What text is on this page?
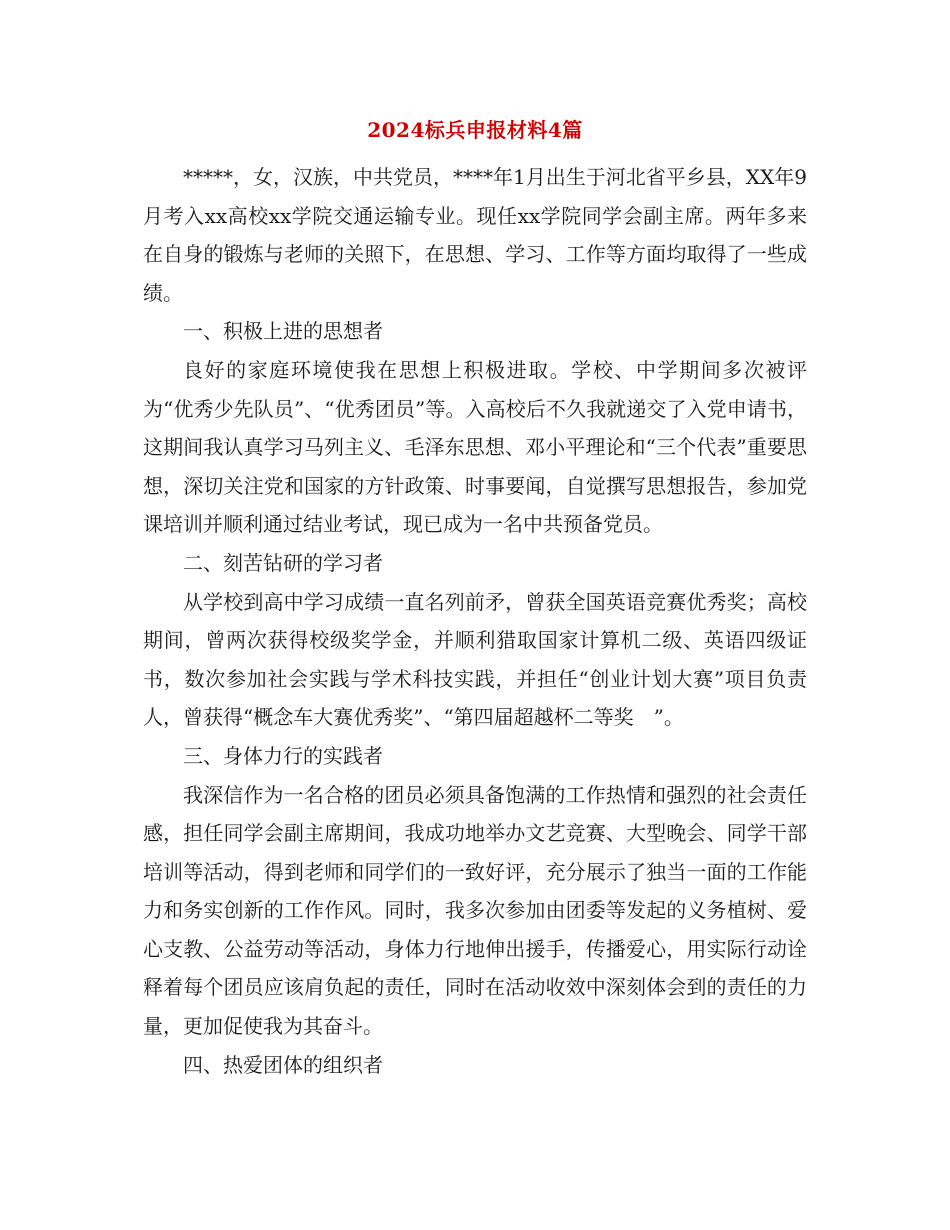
2024标兵申报材料4篇

*****，女，汉族，中共党员，****年1月出生于河北省平乡县，XX年9月考入xx高校xx学院交通运输专业。现任xx学院同学会副主席。两年多来在自身的锻炼与老师的关照下，在思想、学习、工作等方面均取得了一些成绩。

一、积极上进的思想者

良好的家庭环境使我在思想上积极进取。学校、中学期间多次被评为“优秀少先队员”、“优秀团员”等。入高校后不久我就递交了入党申请书，这期间我认真学习马列主义、毛泽东思想、邓小平理论和“三个代表”重要思想，深切关注党和国家的方针政策、时事要闻，自觉撰写思想报告，参加党课培训并顺利通过结业考试，现已成为一名中共预备党员。

二、刻苦钻研的学习者

从学校到高中学习成绩一直名列前矛，曾获全国英语竞赛优秀奖；高校期间，曾两次获得校级奖学金，并顺利猎取国家计算机二级、英语四级证书，数次参加社会实践与学术科技实践，并担任“创业计划大赛”项目负责人，曾获得“概念车大赛优秀奖”、“第四届超越杯二等奖　”。

三、身体力行的实践者

我深信作为一名合格的团员必须具备饱满的工作热情和强烈的社会责任感，担任同学会副主席期间，我成功地举办文艺竞赛、大型晚会、同学干部培训等活动，得到老师和同学们的一致好评，充分展示了独当一面的工作能力和务实创新的工作作风。同时，我多次参加由团委等发起的义务植树、爱心支教、公益劳动等活动，身体力行地伸出援手，传播爱心，用实际行动诠释着每个团员应该肩负起的责任，同时在活动收效中深刻体会到的责任的力量，更加促使我为其奋斗。

四、热爱团体的组织者
